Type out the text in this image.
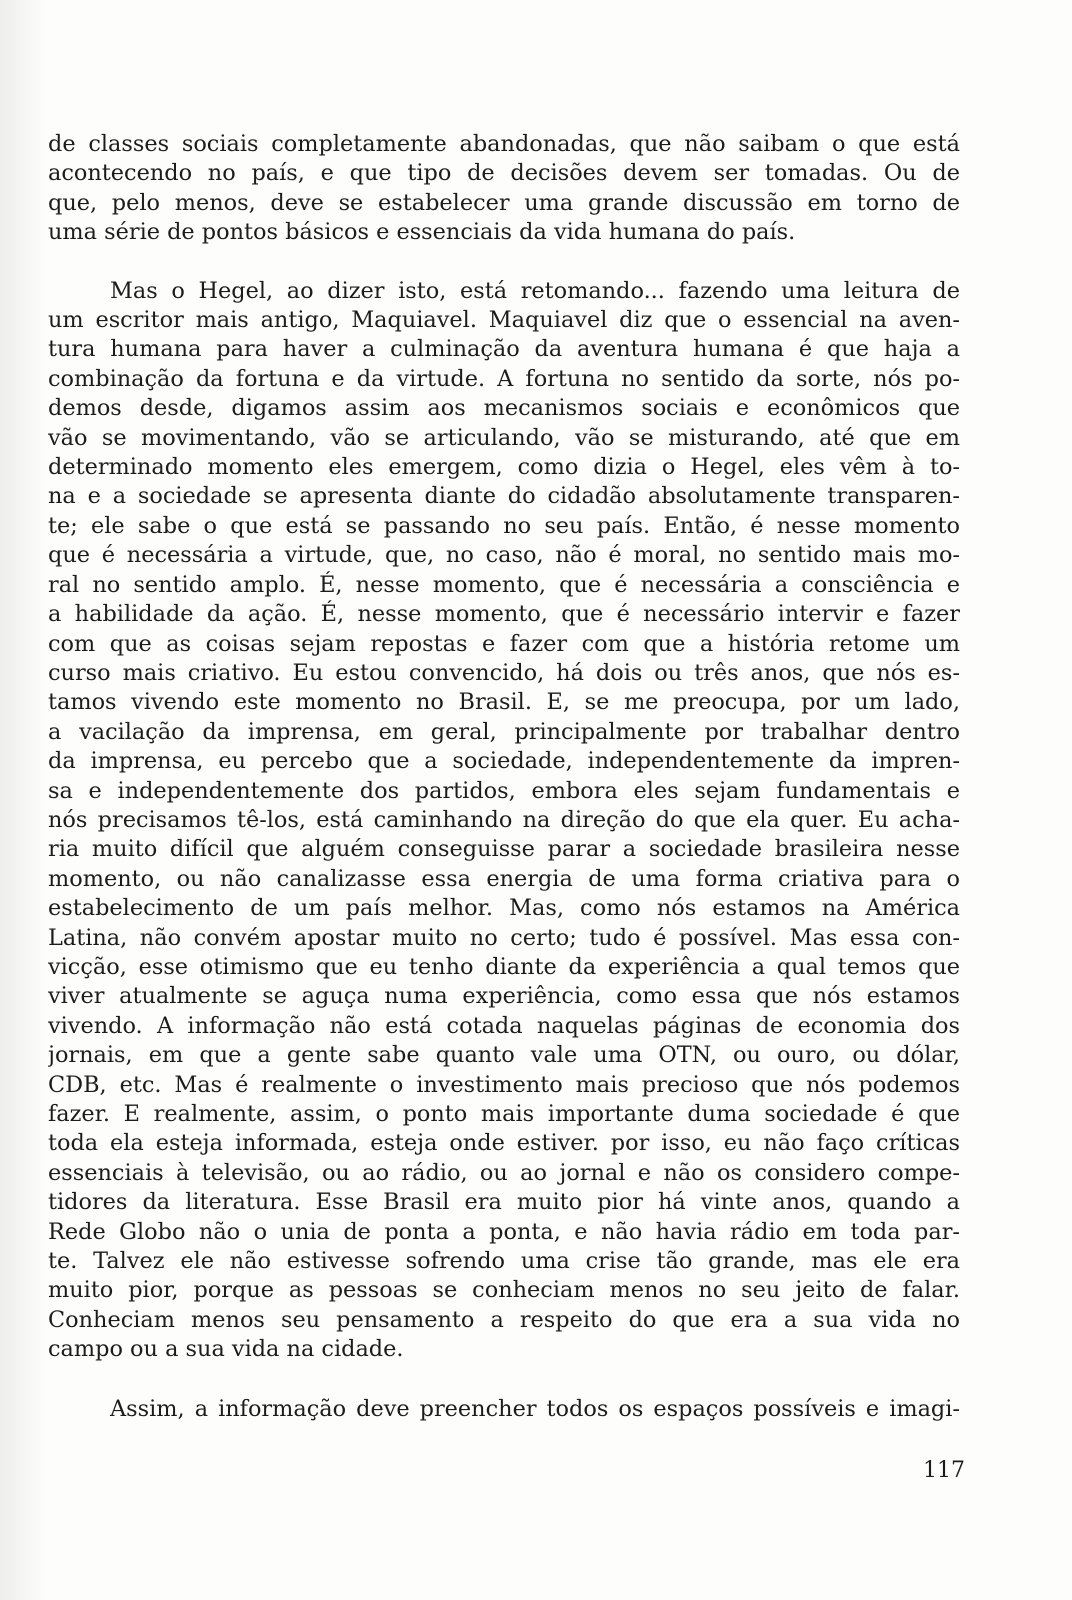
de classes sociais completamente abandonadas, que não saibam o que está
acontecendo no país, e que tipo de decisões devem ser tomadas. Ou de
que, pelo menos, deve se estabelecer uma grande discussão em torno de
uma série de pontos básicos e essenciais da vida humana do país.

Mas o Hegel, ao dizer isto, está retomando... fazendo uma leitura de
um escritor mais antigo, Maquiavel. Maquiavel diz que o essencial na aven-
tura humana para haver a culminação da aventura humana é que haja a
combinação da fortuna e da virtude. A fortuna no sentido da sorte, nós po-
demos desde, digamos assim aos mecanismos sociais e econômicos que
vão se movimentando, vão se articulando, vão se misturando, até que em
determinado momento eles emergem, como dizia o Hegel, eles vêm à to-
na e a sociedade se apresenta diante do cidadão absolutamente transparen-
te; ele sabe o que está se passando no seu país. Então, é nesse momento
que é necessária a virtude, que, no caso, não é moral, no sentido mais mo-
ral no sentido amplo. É, nesse momento, que é necessária a consciência e
a habilidade da ação. É, nesse momento, que é necessário intervir e fazer
com que as coisas sejam repostas e fazer com que a história retome um
curso mais criativo. Eu estou convencido, há dois ou três anos, que nós es-
tamos vivendo este momento no Brasil. E, se me preocupa, por um lado,
a vacilação da imprensa, em geral, principalmente por trabalhar dentro
da imprensa, eu percebo que a sociedade, independentemente da impren-
sa e independentemente dos partidos, embora eles sejam fundamentais e
nós precisamos tê-los, está caminhando na direção do que ela quer. Eu acha-
ria muito difícil que alguém conseguisse parar a sociedade brasileira nesse
momento, ou não canalizasse essa energia de uma forma criativa para o
estabelecimento de um país melhor. Mas, como nós estamos na América
Latina, não convém apostar muito no certo; tudo é possível. Mas essa con-
vicção, esse otimismo que eu tenho diante da experiência a qual temos que
viver atualmente se aguça numa experiência, como essa que nós estamos
vivendo. A informação não está cotada naquelas páginas de economia dos
jornais, em que a gente sabe quanto vale uma OTN, ou ouro, ou dólar,
CDB, etc. Mas é realmente o investimento mais precioso que nós podemos
fazer. E realmente, assim, o ponto mais importante duma sociedade é que
toda ela esteja informada, esteja onde estiver. por isso, eu não faço críticas
essenciais à televisão, ou ao rádio, ou ao jornal e não os considero compe-
tidores da literatura. Esse Brasil era muito pior há vinte anos, quando a
Rede Globo não o unia de ponta a ponta, e não havia rádio em toda par-
te. Talvez ele não estivesse sofrendo uma crise tão grande, mas ele era
muito pior, porque as pessoas se conheciam menos no seu jeito de falar.
Conheciam menos seu pensamento a respeito do que era a sua vida no
campo ou a sua vida na cidade.

Assim, a informação deve preencher todos os espaços possíveis e imagi-

117
